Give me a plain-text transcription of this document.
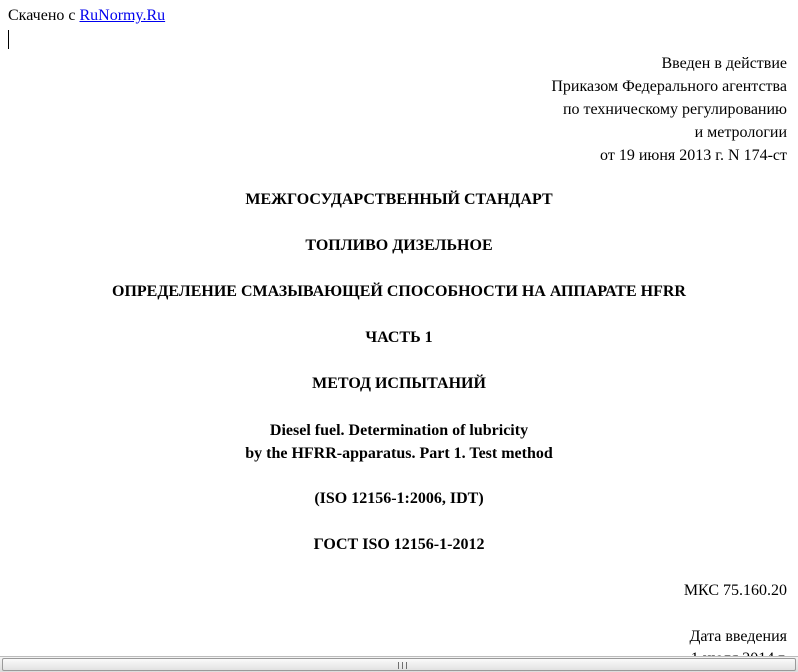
Скачено с RuNormy.Ru
Введен в действие
Приказом Федерального агентства
по техническому регулированию
и метрологии
от 19 июня 2013 г. N 174-ст
МЕЖГОСУДАРСТВЕННЫЙ СТАНДАРТ
ТОПЛИВО ДИЗЕЛЬНОЕ
ОПРЕДЕЛЕНИЕ СМАЗЫВАЮЩЕЙ СПОСОБНОСТИ НА АППАРАТЕ HFRR
ЧАСТЬ 1
МЕТОД ИСПЫТАНИЙ
Diesel fuel. Determination of lubricity
by the HFRR-apparatus. Part 1. Test method
(ISO 12156-1:2006, IDT)
ГОСТ ISO 12156-1-2012
МКС 75.160.20
Дата введения
